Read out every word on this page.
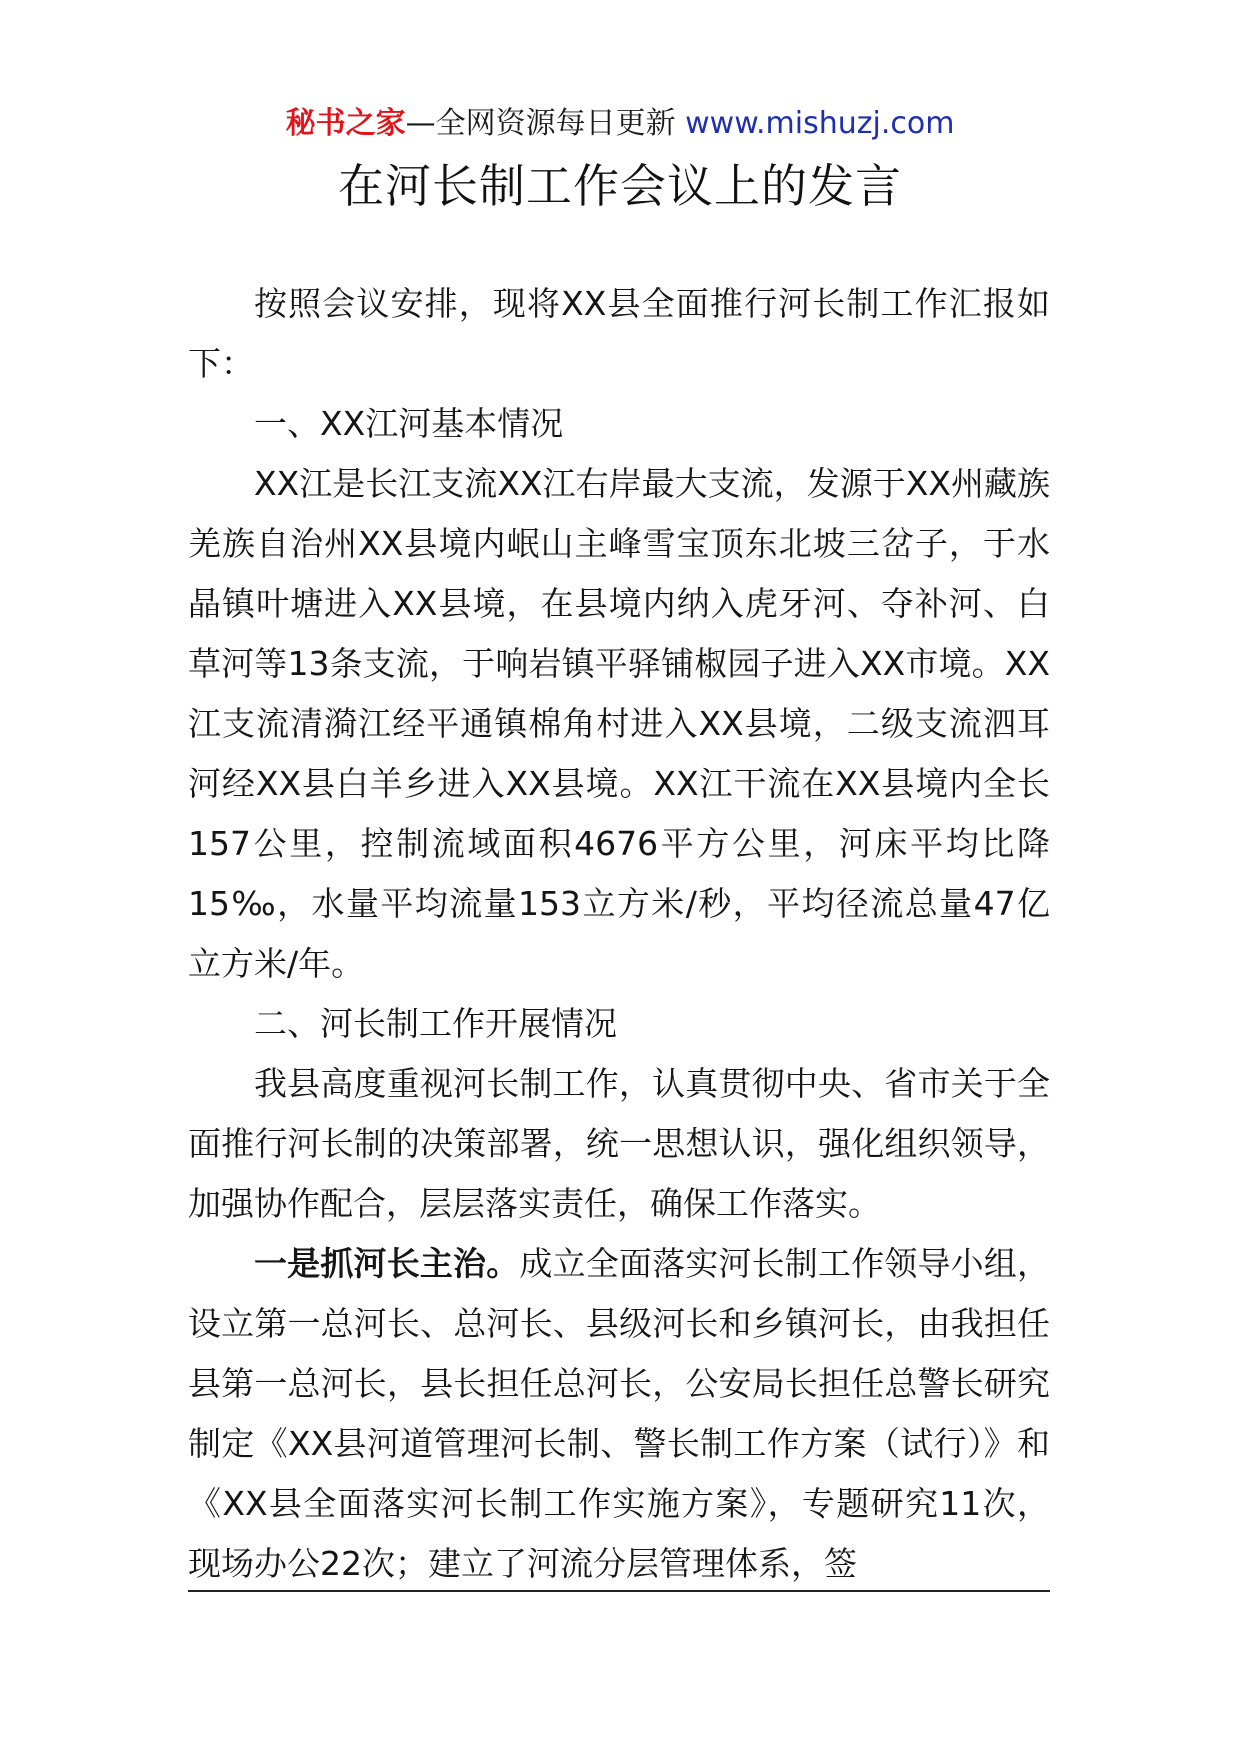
秘书之家—全网资源每日更新 www.mishuzj.com
在河长制工作会议上的发言

按照会议安排，现将XX县全面推行河长制工作汇报如下：

一、XX江河基本情况

XX江是长江支流XX江右岸最大支流，发源于XX州藏族羌族自治州XX县境内岷山主峰雪宝顶东北坡三岔子，于水晶镇叶塘进入XX县境，在县境内纳入虎牙河、夺补河、白草河等13条支流，于响岩镇平驿铺椒园子进入XX市境。XX江支流清漪江经平通镇棉角村进入XX县境，二级支流泗耳河经XX县白羊乡进入XX县境。XX江干流在XX县境内全长157公里，控制流域面积4676平方公里，河床平均比降15‰，水量平均流量153立方米/秒，平均径流总量47亿立方米/年。

二、河长制工作开展情况

我县高度重视河长制工作，认真贯彻中央、省市关于全面推行河长制的决策部署，统一思想认识，强化组织领导，加强协作配合，层层落实责任，确保工作落实。

一是抓河长主治。成立全面落实河长制工作领导小组，设立第一总河长、总河长、县级河长和乡镇河长，由我担任县第一总河长，县长担任总河长，公安局长担任总警长研究制定《XX县河道管理河长制、警长制工作方案（试行）》和《XX县全面落实河长制工作实施方案》，专题研究11次，现场办公22次；建立了河流分层管理体系，签
